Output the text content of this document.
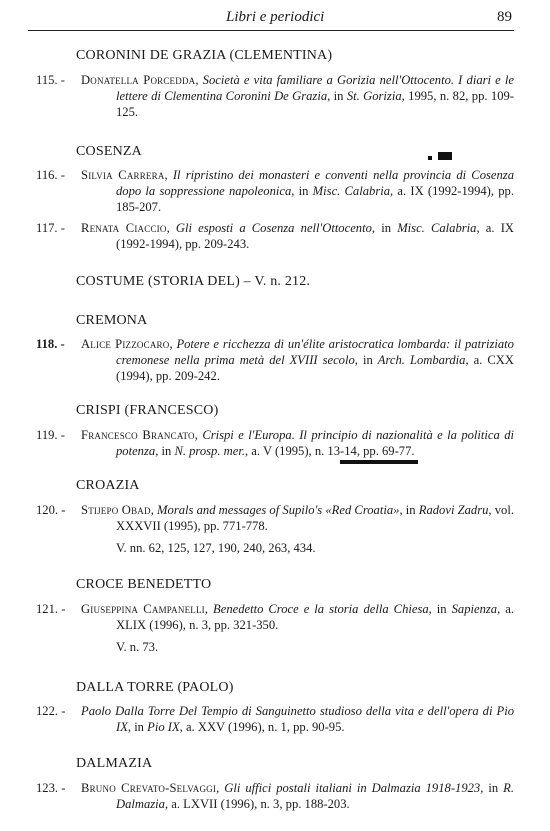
Libri e periodici	89
CORONINI DE GRAZIA (CLEMENTINA)
115. -	Donatella Porcedda, Società e vita familiare a Gorizia nell'Ottocento. I diari e le lettere di Clementina Coronini De Grazia, in St. Gorizia, 1995, n. 82, pp. 109-125.
COSENZA
116. -	Silvia Carrera, Il ripristino dei monasteri e conventi nella provincia di Cosenza dopo la soppressione napoleonica, in Misc. Calabria, a. IX (1992-1994), pp. 185-207.
117. -	Renata Ciaccio, Gli esposti a Cosenza nell'Ottocento, in Misc. Calabria, a. IX (1992-1994), pp. 209-243.
COSTUME (STORIA DEL) – V. n. 212.
CREMONA
118. -	Alice Pizzocaro, Potere e ricchezza di un'élite aristocratica lombarda: il patriziato cremonese nella prima metà del XVIII secolo, in Arch. Lombardia, a. CXX (1994), pp. 209-242.
CRISPI (FRANCESCO)
119. -	Francesco Brancato, Crispi e l'Europa. Il principio di nazionalità e la politica di potenza, in N. prosp. mer., a. V (1995), n. 13-14, pp. 69-77.
CROAZIA
120. -	Stijepo Obad, Morals and messages of Supilo's «Red Croatia», in Radovi Zadru, vol. XXXVII (1995), pp. 771-778.
V. nn. 62, 125, 127, 190, 240, 263, 434.
CROCE BENEDETTO
121. -	Giuseppina Campanelli, Benedetto Croce e la storia della Chiesa, in Sapienza, a. XLIX (1996), n. 3, pp. 321-350.
V. n. 73.
DALLA TORRE (PAOLO)
122. -	Paolo Dalla Torre Del Tempio di Sanguinetto studioso della vita e dell'opera di Pio IX, in Pio IX, a. XXV (1996), n. 1, pp. 90-95.
DALMAZIA
123. -	Bruno Crevato-Selvaggi, Gli uffici postali italiani in Dalmazia 1918-1923, in R. Dalmazia, a. LXVII (1996), n. 3, pp. 188-203.
